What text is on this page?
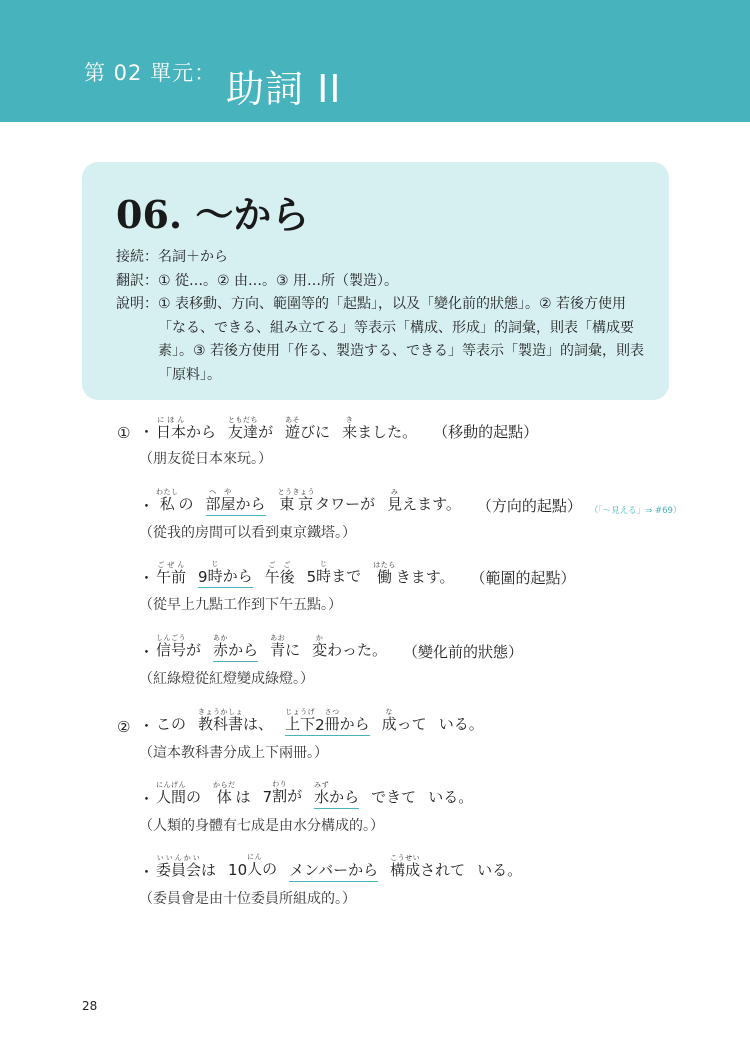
第 02 單元： 助詞 II
06. ～から
接続： 名詞＋から
翻訳： ① 從…。② 由…。③ 用…所（製造）。
說明： ① 表移動、方向、範圍等的「起點」，以及「變化前的狀態」。② 若後方使用「なる、できる、組み立てる」等表示「構成、形成」的詞彙，則表「構成要素」。③ 若後方使用「作る、製造する、できる」等表示「製造」的詞彙，則表「原料」。
① ・ 日本にほん
から 友達ともだち
が 遊あそ
びに 来き
ました。 （移動的起點）
（朋友從日本來玩。）
・ 私わたし
の 部屋へや
から 東京とうきょう
タワーが 見み
えます。 （方向的起點） （「～見える」⇒ #69）
（從我的房間可以看到東京鐵塔。）
・ 午前ごぜん
9 時じ
から 午後ごご
5 時じ
まで 働はたら
きます。 （範圍的起點）
（從早上九點工作到下午五點。）
・ 信号しんごう
が 赤あか
から 青あお
に 変か
わった。 （變化前的狀態）
（紅綠燈從紅燈變成綠燈。）
② ・ この 教科書きょうかしょ
は、 上下じょうげ
2 冊さつ
から 成な
って いる。
（這本教科書分成上下兩冊。）
・ 人間にんげん
の 体からだ
は 7 割わり
が 水みず
から できて いる。
（人類的身體有七成是由水分構成的。）
・ 委員会いいんかい
は 10 人にん
の メンバーから 構成こうせい
されて いる。
（委員會是由十位委員所組成的。）
28
